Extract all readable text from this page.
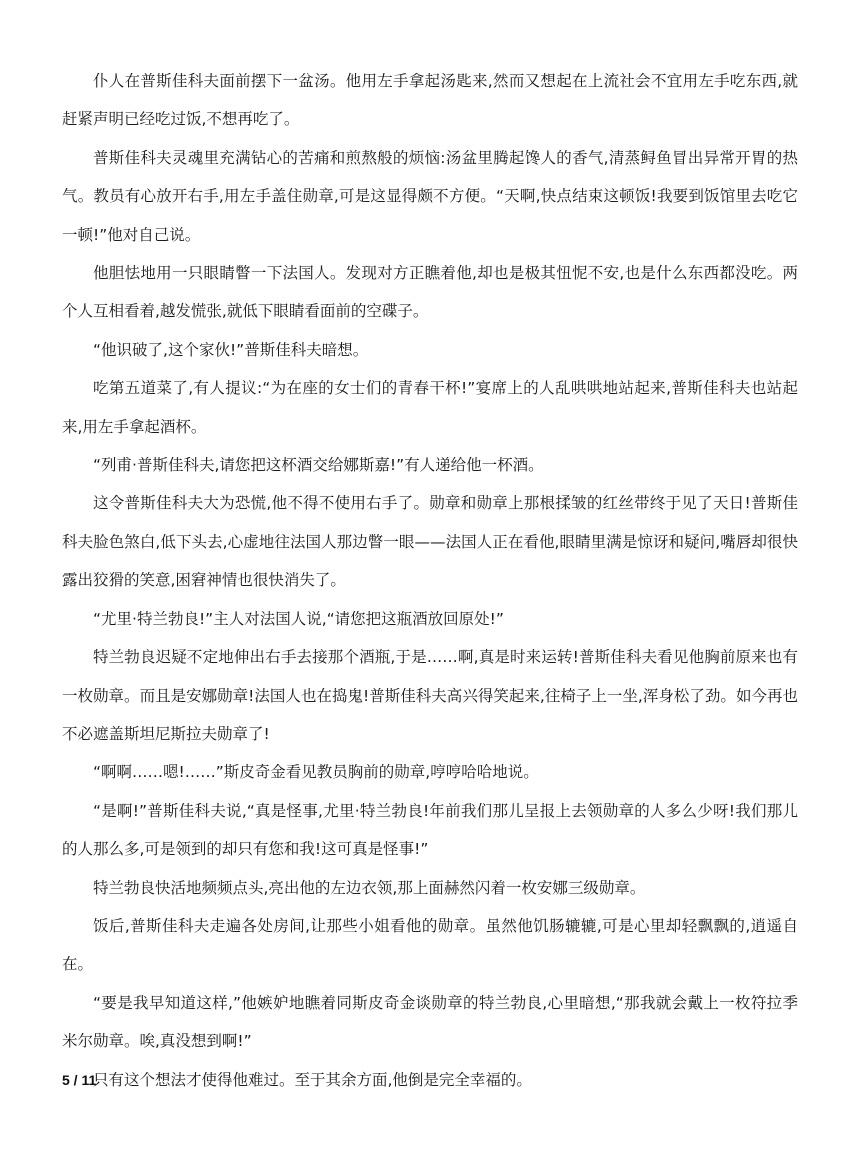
仆人在普斯佳科夫面前摆下一盆汤。他用左手拿起汤匙来,然而又想起在上流社会不宜用左手吃东西,就赶紧声明已经吃过饭,不想再吃了。

普斯佳科夫灵魂里充满钻心的苦痛和煎熬般的烦恼:汤盆里腾起馋人的香气,清蒸鲟鱼冒出异常开胃的热气。教员有心放开右手,用左手盖住勋章,可是这显得颇不方便。“天啊,快点结束这顿饭!我要到饭馆里去吃它一顿!”他对自己说。

他胆怯地用一只眼睛瞥一下法国人。发现对方正瞧着他,却也是极其忸怩不安,也是什么东西都没吃。两个人互相看着,越发慌张,就低下眼睛看面前的空碟子。

“他识破了,这个家伙!”普斯佳科夫暗想。

吃第五道菜了,有人提议:“为在座的女士们的青春干杯!”宴席上的人乱哄哄地站起来,普斯佳科夫也站起来,用左手拿起酒杯。

“列甫·普斯佳科夫,请您把这杯酒交给娜斯嘉!”有人递给他一杯酒。

这令普斯佳科夫大为恐慌,他不得不使用右手了。勋章和勋章上那根揉皱的红丝带终于见了天日!普斯佳科夫脸色煞白,低下头去,心虚地往法国人那边瞥一眼——法国人正在看他,眼睛里满是惊讶和疑问,嘴唇却很快露出狡猾的笑意,困窘神情也很快消失了。

“尤里·特兰勃良!”主人对法国人说,“请您把这瓶酒放回原处!”

特兰勃良迟疑不定地伸出右手去接那个酒瓶,于是……啊,真是时来运转!普斯佳科夫看见他胸前原来也有一枚勋章。而且是安娜勋章!法国人也在捣鬼!普斯佳科夫高兴得笑起来,往椅子上一坐,浑身松了劲。如今再也不必遮盖斯坦尼斯拉夫勋章了!

“啊啊……嗯!……”斯皮奇金看见教员胸前的勋章,哼哼哈哈地说。

“是啊!”普斯佳科夫说,“真是怪事,尤里·特兰勃良!年前我们那儿呈报上去领勋章的人多么少呀!我们那儿的人那么多,可是领到的却只有您和我!这可真是怪事!”

特兰勃良快活地频频点头,亮出他的左边衣领,那上面赫然闪着一枚安娜三级勋章。

饭后,普斯佳科夫走遍各处房间,让那些小姐看他的勋章。虽然他饥肠辘辘,可是心里却轻飘飘的,逍遥自在。

“要是我早知道这样,”他嫉妒地瞧着同斯皮奇金谈勋章的特兰勃良,心里暗想,“那我就会戴上一枚符拉季米尔勋章。唉,真没想到啊!”

只有这个想法才使得他难过。至于其余方面,他倒是完全幸福的。

5 / 11
